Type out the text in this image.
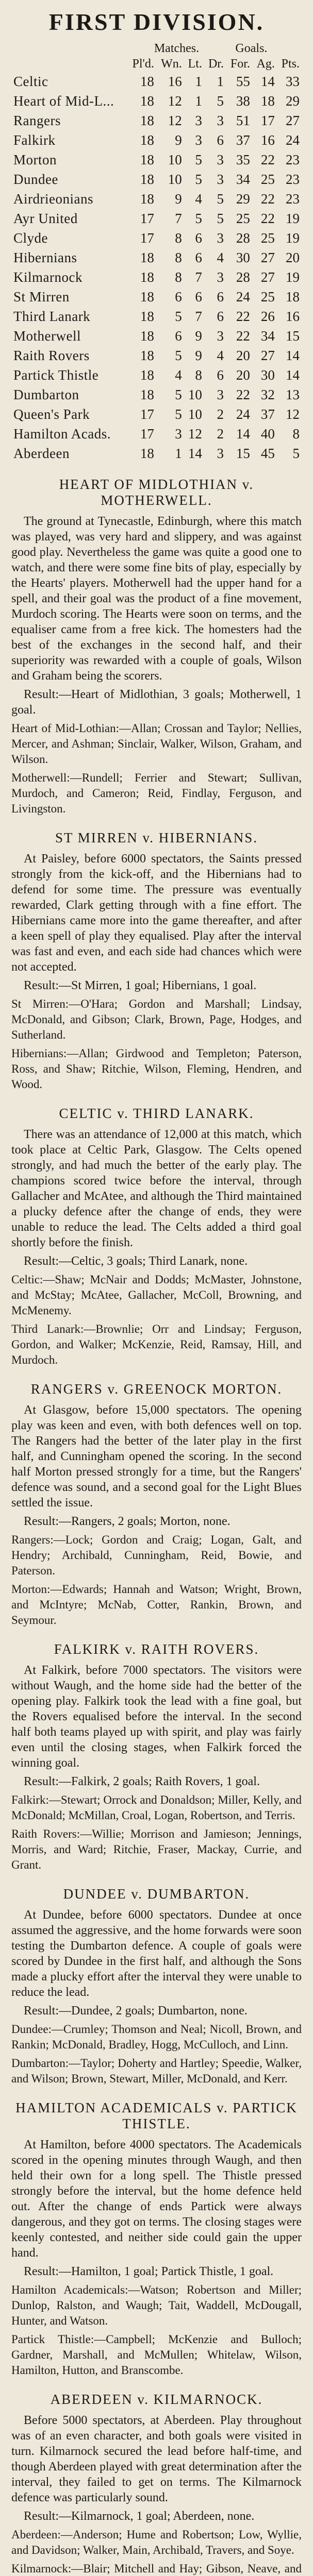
FIRST DIVISION.
	Matches.				Goals.		
	Pl'd.	Wn.	Lt.	Dr.	For.	Ag.	Pts.
Celtic	18	16	1	1	55	14	33
Heart of Mid-L...	18	12	1	5	38	18	29
Rangers	18	12	3	3	51	17	27
Falkirk	18	9	3	6	37	16	24
Morton	18	10	5	3	35	22	23
Dundee	18	10	5	3	34	25	23
Airdrieonians	18	9	4	5	29	22	23
Ayr United	17	7	5	5	25	22	19
Clyde	17	8	6	3	28	25	19
Hibernians	18	8	6	4	30	27	20
Kilmarnock	18	8	7	3	28	27	19
St Mirren	18	6	6	6	24	25	18
Third Lanark	18	5	7	6	22	26	16
Motherwell	18	6	9	3	22	34	15
Raith Rovers	18	5	9	4	20	27	14
Partick Thistle	18	4	8	6	20	30	14
Dumbarton	18	5	10	3	22	32	13
Queen's Park	17	5	10	2	24	37	12
Hamilton Acads.	17	3	12	2	14	40	8
Aberdeen	18	1	14	3	15	45	5
HEART OF MIDLOTHIAN v. MOTHERWELL.

The ground at Tynecastle, Edinburgh, where this match was played, was very hard and slippery, and was against good play. Nevertheless the game was quite a good one to watch, and there were some fine bits of play, especially by the Hearts' players. Motherwell had the upper hand for a spell, and their goal was the product of a fine movement, Murdoch scoring. The Hearts were soon on terms, and the equaliser came from a free kick. The homesters had the best of the exchanges in the second half, and their superiority was rewarded with a couple of goals, Wilson and Graham being the scorers.

Result:—Heart of Midlothian, 3 goals; Motherwell, 1 goal.

Heart of Mid-Lothian:—Allan; Crossan and Taylor; Nellies, Mercer, and Ashman; Sinclair, Walker, Wilson, Graham, and Wilson.

Motherwell:—Rundell; Ferrier and Stewart; Sullivan, Murdoch, and Cameron; Reid, Findlay, Ferguson, and Livingston.

ST MIRREN v. HIBERNIANS.

At Paisley, before 6000 spectators, the Saints pressed strongly from the kick-off, and the Hibernians had to defend for some time. The pressure was eventually rewarded, Clark getting through with a fine effort. The Hibernians came more into the game thereafter, and after a keen spell of play they equalised. Play after the interval was fast and even, and each side had chances which were not accepted.

Result:—St Mirren, 1 goal; Hibernians, 1 goal.

St Mirren:—O'Hara; Gordon and Marshall; Lindsay, McDonald, and Gibson; Clark, Brown, Page, Hodges, and Sutherland.

Hibernians:—Allan; Girdwood and Templeton; Paterson, Ross, and Shaw; Ritchie, Wilson, Fleming, Hendren, and Wood.

CELTIC v. THIRD LANARK.

There was an attendance of 12,000 at this match, which took place at Celtic Park, Glasgow. The Celts opened strongly, and had much the better of the early play. The champions scored twice before the interval, through Gallacher and McAtee, and although the Third maintained a plucky defence after the change of ends, they were unable to reduce the lead. The Celts added a third goal shortly before the finish.

Result:—Celtic, 3 goals; Third Lanark, none.

Celtic:—Shaw; McNair and Dodds; McMaster, Johnstone, and McStay; McAtee, Gallacher, McColl, Browning, and McMenemy.

Third Lanark:—Brownlie; Orr and Lindsay; Ferguson, Gordon, and Walker; McKenzie, Reid, Ramsay, Hill, and Murdoch.

RANGERS v. GREENOCK MORTON.

At Glasgow, before 15,000 spectators. The opening play was keen and even, with both defences well on top. The Rangers had the better of the later play in the first half, and Cunningham opened the scoring. In the second half Morton pressed strongly for a time, but the Rangers' defence was sound, and a second goal for the Light Blues settled the issue.

Result:—Rangers, 2 goals; Morton, none.

Rangers:—Lock; Gordon and Craig; Logan, Galt, and Hendry; Archibald, Cunningham, Reid, Bowie, and Paterson.

Morton:—Edwards; Hannah and Watson; Wright, Brown, and McIntyre; McNab, Cotter, Rankin, Brown, and Seymour.

FALKIRK v. RAITH ROVERS.

At Falkirk, before 7000 spectators. The visitors were without Waugh, and the home side had the better of the opening play. Falkirk took the lead with a fine goal, but the Rovers equalised before the interval. In the second half both teams played up with spirit, and play was fairly even until the closing stages, when Falkirk forced the winning goal.

Result:—Falkirk, 2 goals; Raith Rovers, 1 goal.

Falkirk:—Stewart; Orrock and Donaldson; Miller, Kelly, and McDonald; McMillan, Croal, Logan, Robertson, and Terris.

Raith Rovers:—Willie; Morrison and Jamieson; Jennings, Morris, and Ward; Ritchie, Fraser, Mackay, Currie, and Grant.

DUNDEE v. DUMBARTON.

At Dundee, before 6000 spectators. Dundee at once assumed the aggressive, and the home forwards were soon testing the Dumbarton defence. A couple of goals were scored by Dundee in the first half, and although the Sons made a plucky effort after the interval they were unable to reduce the lead.

Result:—Dundee, 2 goals; Dumbarton, none.

Dundee:—Crumley; Thomson and Neal; Nicoll, Brown, and Rankin; McDonald, Bradley, Hogg, McCulloch, and Linn.

Dumbarton:—Taylor; Doherty and Hartley; Speedie, Walker, and Wilson; Brown, Stewart, Miller, McDonald, and Kerr.

HAMILTON ACADEMICALS v. PARTICK THISTLE.

At Hamilton, before 4000 spectators. The Academicals scored in the opening minutes through Waugh, and then held their own for a long spell. The Thistle pressed strongly before the interval, but the home defence held out. After the change of ends Partick were always dangerous, and they got on terms. The closing stages were keenly contested, and neither side could gain the upper hand.

Result:—Hamilton, 1 goal; Partick Thistle, 1 goal.

Hamilton Academicals:—Watson; Robertson and Miller; Dunlop, Ralston, and Waugh; Tait, Waddell, McDougall, Hunter, and Watson.

Partick Thistle:—Campbell; McKenzie and Bulloch; Gardner, Marshall, and McMullen; Whitelaw, Wilson, Hamilton, Hutton, and Branscombe.

ABERDEEN v. KILMARNOCK.

Before 5000 spectators, at Aberdeen. Play throughout was of an even character, and both goals were visited in turn. Kilmarnock secured the lead before half-time, and though Aberdeen played with great determination after the interval, they failed to get on terms. The Kilmarnock defence was particularly sound.

Result:—Kilmarnock, 1 goal; Aberdeen, none.

Aberdeen:—Anderson; Hume and Robertson; Low, Wyllie, and Davidson; Walker, Main, Archibald, Travers, and Soye.

Kilmarnock:—Blair; Mitchell and Hay; Gibson, Neave, and
